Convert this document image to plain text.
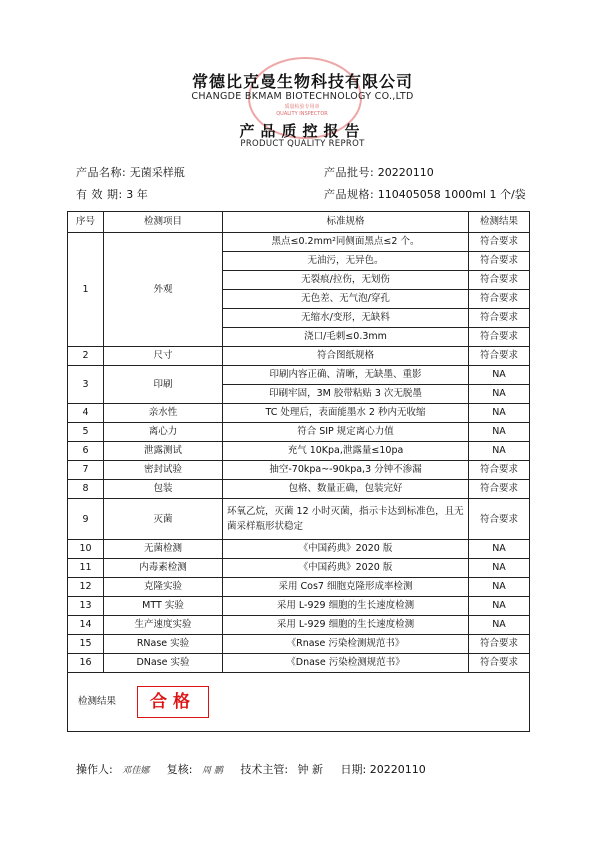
质量检验专用章
QUALITY INSPECTOR
常德比克曼生物科技有限公司
CHANGDE BKMAM BIOTECHNOLOGY CO.,LTD
产品质控报告
PRODUCT QUALITY REPROT
产品名称: 无菌采样瓶	产品批号: 20220110
有 效 期: 3 年	产品规格: 110405058 1000ml 1 个/袋
序号	检测项目	标准规格	检测结果
1	外观	黑点≤0.2mm²同侧面黑点≤2 个。	符合要求
		无油污，无异色。	符合要求
		无裂痕/拉伤，无划伤	符合要求
		无色差、无气泡/穿孔	符合要求
		无缩水/变形，无缺料	符合要求
		浇口/毛刺≤0.3mm	符合要求
2	尺寸	符合图纸规格	符合要求
3	印刷	印刷内容正确、清晰，无缺墨、重影	NA
		印刷牢固，3M 胶带粘贴 3 次无脱墨	NA
4	亲水性	TC 处理后，表面能墨水 2 秒内无收缩	NA
5	离心力	符合 SIP 规定离心力值	NA
6	泄露测试	充气 10Kpa,泄露量≤10pa	NA
7	密封试验	抽空-70kpa~-90kpa,3 分钟不渗漏	符合要求
8	包装	包格、数量正确，包装完好	符合要求
9	灭菌	环氧乙烷，灭菌 12 小时灭菌，指示卡达到标准色，且无菌采样瓶形状稳定	符合要求
10	无菌检测	《中国药典》2020 版	NA
11	内毒素检测	《中国药典》2020 版	NA
12	克隆实验	采用 Cos7 细胞克隆形成率检测	NA
13	MTT 实验	采用 L-929 细胞的生长速度检测	NA
14	生产速度实验	采用 L-929 细胞的生长速度检测	NA
15	RNase 实验	《Rnase 污染检测规范书》	符合要求
16	DNase 实验	《Dnase 污染检测规范书》	符合要求
检测结果 合格			
操作人: 邓佳娜 复核: 周 鹏 技术主管: 钟 新 日期: 20220110
